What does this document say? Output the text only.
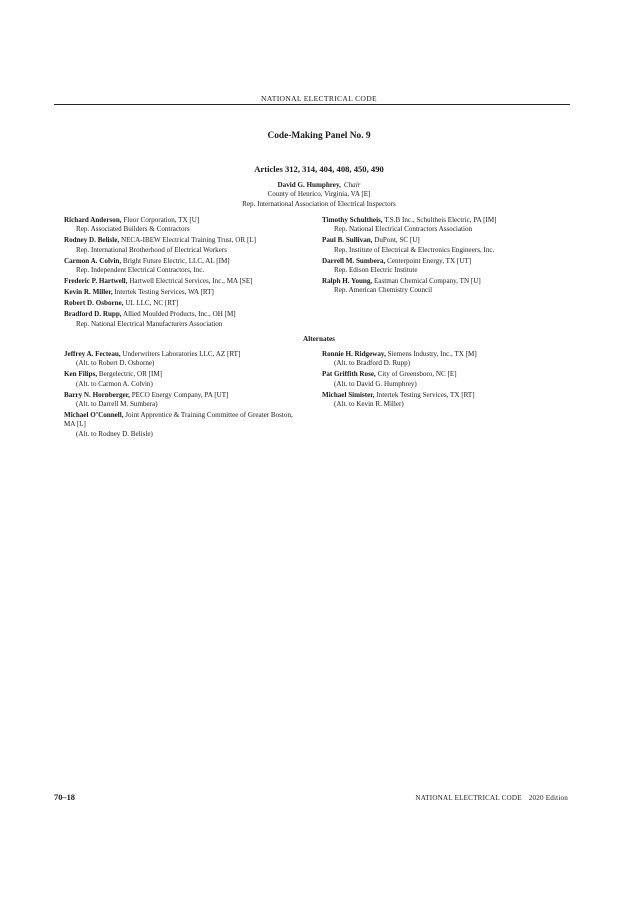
NATIONAL ELECTRICAL CODE
Code-Making Panel No. 9
Articles 312, 314, 404, 408, 450, 490
David G. Humphrey, Chair
County of Henrico, Virginia, VA [E]
Rep. International Association of Electrical Inspectors
Richard Anderson, Fluor Corporation, TX [U]
Rep. Associated Builders & Contractors
Rodney D. Belisle, NECA-IBEW Electrical Training Trust, OR [L]
Rep. International Brotherhood of Electrical Workers
Carmon A. Colvin, Bright Future Electric, LLC, AL [IM]
Rep. Independent Electrical Contractors, Inc.
Frederic P. Hartwell, Hartwell Electrical Services, Inc., MA [SE]
Kevin R. Miller, Intertek Testing Services, WA [RT]
Robert D. Osborne, UL LLC, NC [RT]
Bradford D. Rupp, Allied Moulded Products, Inc., OH [M]
Rep. National Electrical Manufacturers Association
Timothy Schultheis, T.S.B Inc., Schultheis Electric, PA [IM]
Rep. National Electrical Contractors Association
Paul B. Sullivan, DuPont, SC [U]
Rep. Institute of Electrical & Electronics Engineers, Inc.
Darrell M. Sumbera, Centerpoint Energy, TX [UT]
Rep. Edison Electric Institute
Ralph H. Young, Eastman Chemical Company, TN [U]
Rep. American Chemistry Council
Alternates
Jeffrey A. Fecteau, Underwriters Laboratories LLC, AZ [RT]
(Alt. to Robert D. Osborne)
Ken Filips, Bergelectric, OR [IM]
(Alt. to Carmon A. Colvin)
Barry N. Hornberger, PECO Energy Company, PA [UT]
(Alt. to Darrell M. Sumbera)
Michael O’Connell, Joint Apprentice & Training Committee of Greater Boston, MA [L]
(Alt. to Rodney D. Belisle)
Ronnie H. Ridgeway, Siemens Industry, Inc., TX [M]
(Alt. to Bradford D. Rupp)
Pat Griffith Rose, City of Greensboro, NC [E]
(Alt. to David G. Humphrey)
Michael Simister, Intertek Testing Services, TX [RT]
(Alt. to Kevin R. Miller)
70–18	NATIONAL ELECTRICAL CODE 2020 Edition
